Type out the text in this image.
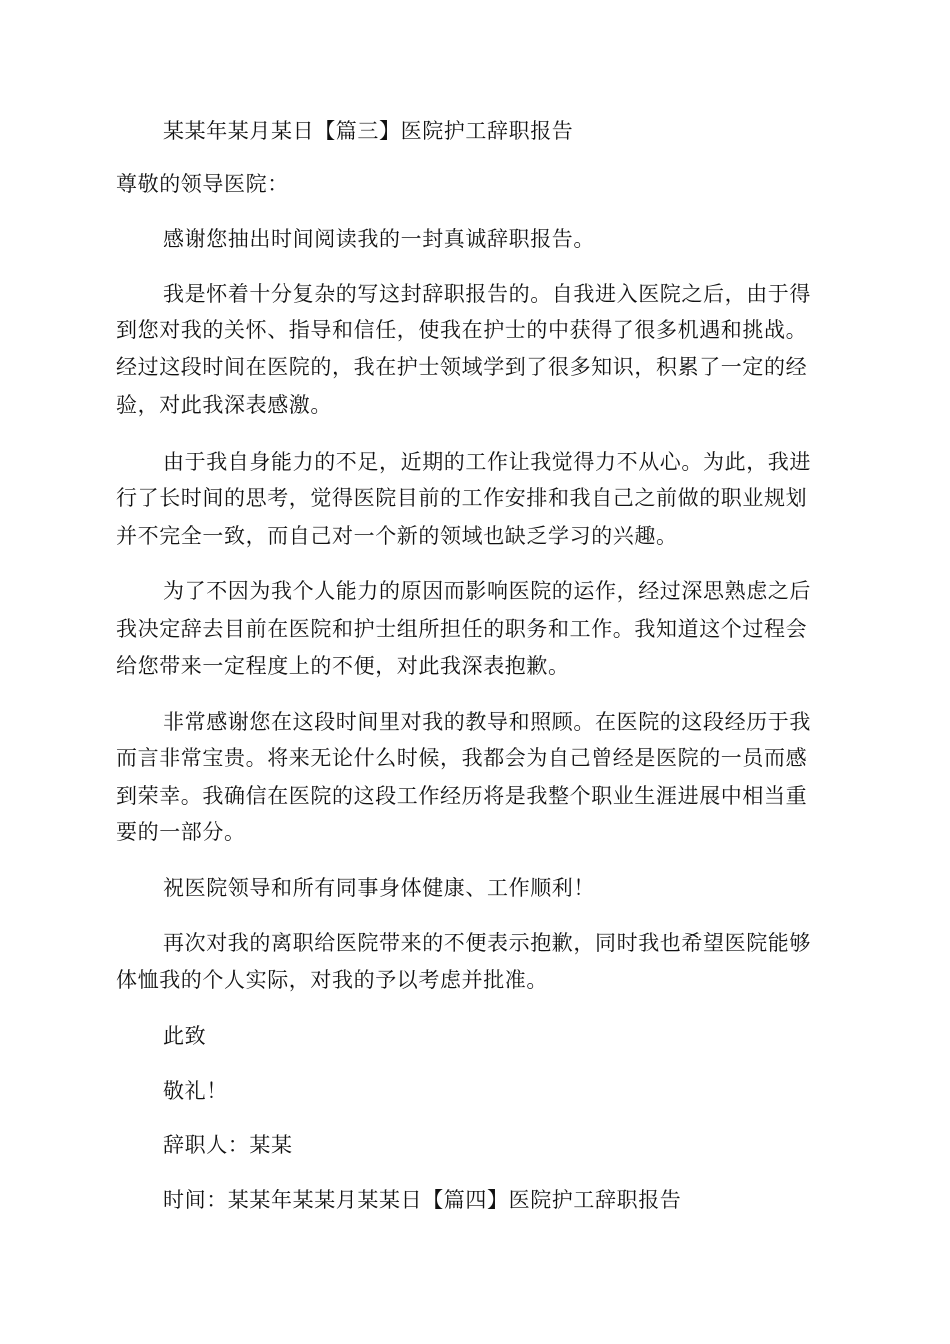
某某年某月某日【篇三】医院护工辞职报告
尊敬的领导医院：
感谢您抽出时间阅读我的一封真诚辞职报告。
我是怀着十分复杂的写这封辞职报告的。自我进入医院之后，由于得
到您对我的关怀、指导和信任，使我在护士的中获得了很多机遇和挑战。
经过这段时间在医院的，我在护士领域学到了很多知识，积累了一定的经
验，对此我深表感激。
由于我自身能力的不足，近期的工作让我觉得力不从心。为此，我进
行了长时间的思考，觉得医院目前的工作安排和我自己之前做的职业规划
并不完全一致，而自己对一个新的领域也缺乏学习的兴趣。
为了不因为我个人能力的原因而影响医院的运作，经过深思熟虑之后
我决定辞去目前在医院和护士组所担任的职务和工作。我知道这个过程会
给您带来一定程度上的不便，对此我深表抱歉。
非常感谢您在这段时间里对我的教导和照顾。在医院的这段经历于我
而言非常宝贵。将来无论什么时候，我都会为自己曾经是医院的一员而感
到荣幸。我确信在医院的这段工作经历将是我整个职业生涯进展中相当重
要的一部分。
祝医院领导和所有同事身体健康、工作顺利！
再次对我的离职给医院带来的不便表示抱歉，同时我也希望医院能够
体恤我的个人实际，对我的予以考虑并批准。
此致
敬礼！
辞职人：某某
时间：某某年某某月某某日【篇四】医院护工辞职报告
